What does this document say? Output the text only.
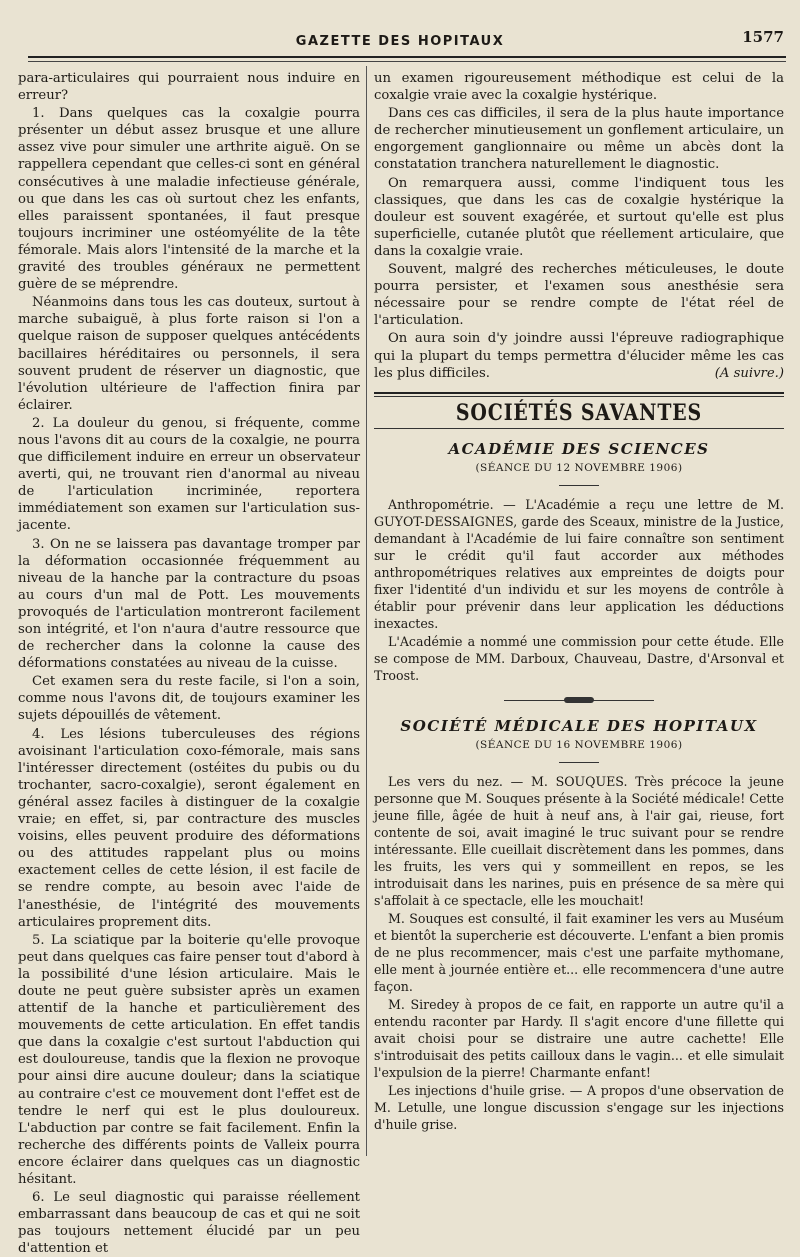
GAZETTE DES HOPITAUX	1577

para-articulaires qui pourraient nous induire en erreur?

1. Dans quelques cas la coxalgie pourra présenter un début assez brusque et une allure assez vive pour simuler une arthrite aiguë. On se rappellera cependant que celles-ci sont en général consécutives à une maladie infectieuse générale, ou que dans les cas où surtout chez les enfants, elles paraissent spontanées, il faut presque toujours incriminer une ostéomyélite de la tête fémorale. Mais alors l'intensité de la marche et la gravité des troubles généraux ne permettent guère de se méprendre.

Néanmoins dans tous les cas douteux, surtout à marche subaiguë, à plus forte raison si l'on a quelque raison de supposer quelques antécédents bacillaires héréditaires ou personnels, il sera souvent prudent de réserver un diagnostic, que l'évolution ultérieure de l'affection finira par éclairer.

2. La douleur du genou, si fréquente, comme nous l'avons dit au cours de la coxalgie, ne pourra que difficilement induire en erreur un observateur averti, qui, ne trouvant rien d'anormal au niveau de l'articulation incriminée, reportera immédiatement son examen sur l'articulation sus-jacente.

3. On ne se laissera pas davantage tromper par la déformation occasionnée fréquemment au niveau de la hanche par la contracture du psoas au cours d'un mal de Pott. Les mouvements provoqués de l'articulation montreront facilement son intégrité, et l'on n'aura d'autre ressource que de rechercher dans la colonne la cause des déformations constatées au niveau de la cuisse.

Cet examen sera du reste facile, si l'on a soin, comme nous l'avons dit, de toujours examiner les sujets dépouillés de vêtement.

4. Les lésions tuberculeuses des régions avoisinant l'articulation coxo-fémorale, mais sans l'intéresser directement (ostéites du pubis ou du trochanter, sacro-coxalgie), seront également en général assez faciles à distinguer de la coxalgie vraie; en effet, si, par contracture des muscles voisins, elles peuvent produire des déformations ou des attitudes rappelant plus ou moins exactement celles de cette lésion, il est facile de se rendre compte, au besoin avec l'aide de l'anesthésie, de l'intégrité des mouvements articulaires proprement dits.

5. La sciatique par la boiterie qu'elle provoque peut dans quelques cas faire penser tout d'abord à la possibilité d'une lésion articulaire. Mais le doute ne peut guère subsister après un examen attentif de la hanche et particulièrement des mouvements de cette articulation. En effet tandis que dans la coxalgie c'est surtout l'abduction qui est douloureuse, tandis que la flexion ne provoque pour ainsi dire aucune douleur; dans la sciatique au contraire c'est ce mouvement dont l'effet est de tendre le nerf qui est le plus douloureux. L'abduction par contre se fait facilement. Enfin la recherche des différents points de Valleix pourra encore éclairer dans quelques cas un diagnostic hésitant.

6. Le seul diagnostic qui paraisse réellement embarrassant dans beaucoup de cas et qui ne soit pas toujours nettement élucidé par un peu d'attention et

un examen rigoureusement méthodique est celui de la coxalgie vraie avec la coxalgie hystérique.

Dans ces cas difficiles, il sera de la plus haute importance de rechercher minutieusement un gonflement articulaire, un engorgement ganglionnaire ou même un abcès dont la constatation tranchera naturellement le diagnostic.

On remarquera aussi, comme l'indiquent tous les classiques, que dans les cas de coxalgie hystérique la douleur est souvent exagérée, et surtout qu'elle est plus superficielle, cutanée plutôt que réellement articulaire, que dans la coxalgie vraie.

Souvent, malgré des recherches méticuleuses, le doute pourra persister, et l'examen sous anesthésie sera nécessaire pour se rendre compte de l'état réel de l'articulation.

On aura soin d'y joindre aussi l'épreuve radiographique qui la plupart du temps permettra d'élucider même les cas les plus difficiles.	(A suivre.)

SOCIÉTÉS SAVANTES
ACADÉMIE DES SCIENCES
(SÉANCE DU 12 NOVEMBRE 1906)

Anthropométrie. — L'Académie a reçu une lettre de M. GUYOT-DESSAIGNES, garde des Sceaux, ministre de la Justice, demandant à l'Académie de lui faire connaître son sentiment sur le crédit qu'il faut accorder aux méthodes anthropométriques relatives aux empreintes de doigts pour fixer l'identité d'un individu et sur les moyens de contrôle à établir pour prévenir dans leur application les déductions inexactes.

L'Académie a nommé une commission pour cette étude. Elle se compose de MM. Darboux, Chauveau, Dastre, d'Arsonval et Troost.

SOCIÉTÉ MÉDICALE DES HOPITAUX
(SÉANCE DU 16 NOVEMBRE 1906)

Les vers du nez. — M. SOUQUES. Très précoce la jeune personne que M. Souques présente à la Société médicale! Cette jeune fille, âgée de huit à neuf ans, à l'air gai, rieuse, fort contente de soi, avait imaginé le truc suivant pour se rendre intéressante. Elle cueillait discrètement dans les pommes, dans les fruits, les vers qui y sommeillent en repos, se les introduisait dans les narines, puis en présence de sa mère qui s'affolait à ce spectacle, elle les mouchait!

M. Souques est consulté, il fait examiner les vers au Muséum et bientôt la supercherie est découverte. L'enfant a bien promis de ne plus recommencer, mais c'est une parfaite mythomane, elle ment à journée entière et... elle recommencera d'une autre façon.

M. Siredey à propos de ce fait, en rapporte un autre qu'il a entendu raconter par Hardy. Il s'agit encore d'une fillette qui avait choisi pour se distraire une autre cachette! Elle s'introduisait des petits cailloux dans le vagin... et elle simulait l'expulsion de la pierre! Charmante enfant!

Les injections d'huile grise. — A propos d'une observation de M. Letulle, une longue discussion s'engage sur les injections d'huile grise.
